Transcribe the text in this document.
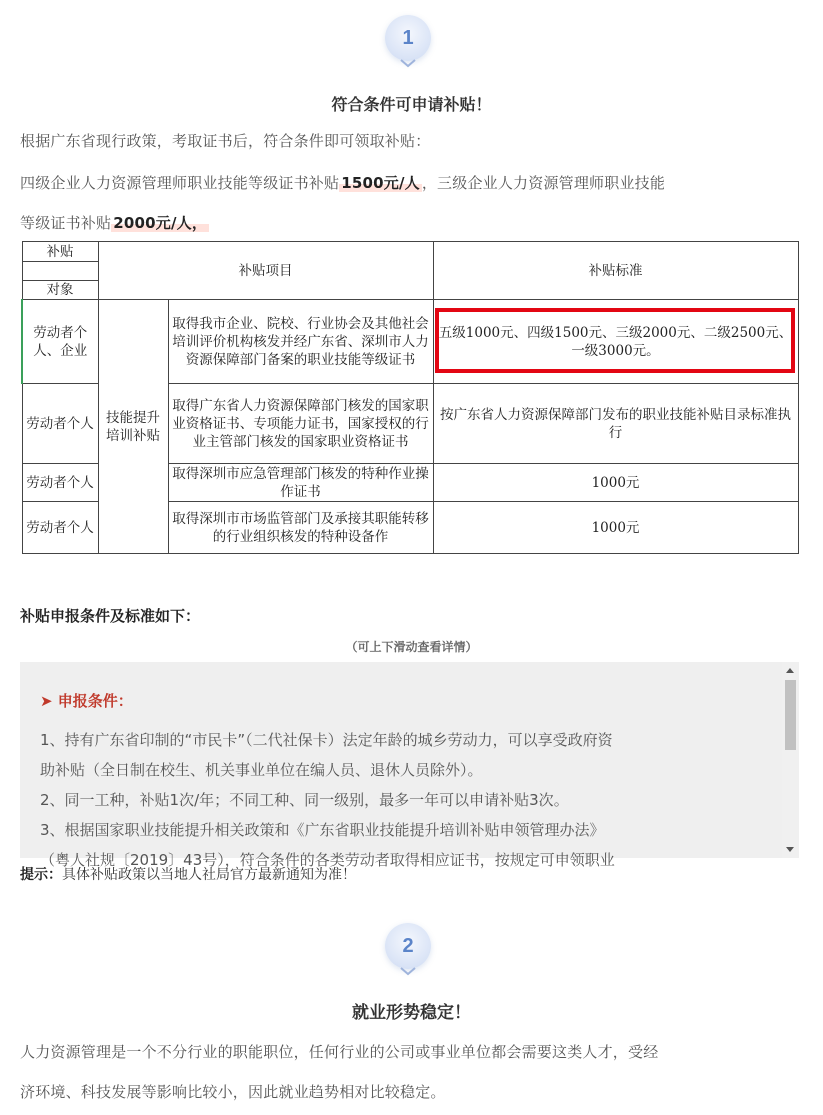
1
符合条件可申请补贴！
根据广东省现行政策，考取证书后，符合条件即可领取补贴：
四级企业人力资源管理师职业技能等级证书补贴 1500元/人 ，三级企业人力资源管理师职业技能
等级证书补贴 2000元/人，
补贴
对象	补贴项目		补贴标准
劳动者个人、企业	技能提升培训补贴	取得我市企业、院校、行业协会及其他社会培训评价机构核发并经广东省、深圳市人力资源保障部门备案的职业技能等级证书	五级1000元、四级1500元、三级2000元、二级2500元、一级3000元。
劳动者个人		取得广东省人力资源保障部门核发的国家职业资格证书、专项能力证书，国家授权的行业主管部门核发的国家职业资格证书	按广东省人力资源保障部门发布的职业技能补贴目录标准执行
劳动者个人		取得深圳市应急管理部门核发的特种作业操作证书	1000元
劳动者个人		取得深圳市市场监管部门及承接其职能转移的行业组织核发的特种设备作	1000元
补贴申报条件及标准如下：
（可上下滑动查看详情）
➤ 申报条件：
1、持有广东省印制的“市民卡”（二代社保卡）法定年龄的城乡劳动力，可以享受政府资
助补贴（全日制在校生、机关事业单位在编人员、退休人员除外）。
2、同一工种，补贴1次/年；不同工种、同一级别，最多一年可以申请补贴3次。
3、根据国家职业技能提升相关政策和《广东省职业技能提升培训补贴申领管理办法》
（粤人社规〔2019〕43号），符合条件的各类劳动者取得相应证书，按规定可申领职业
提示：具体补贴政策以当地人社局官方最新通知为准！
2
就业形势稳定！
人力资源管理是一个不分行业的职能职位，任何行业的公司或事业单位都会需要这类人才，受经
济环境、科技发展等影响比较小，因此就业趋势相对比较稳定。
